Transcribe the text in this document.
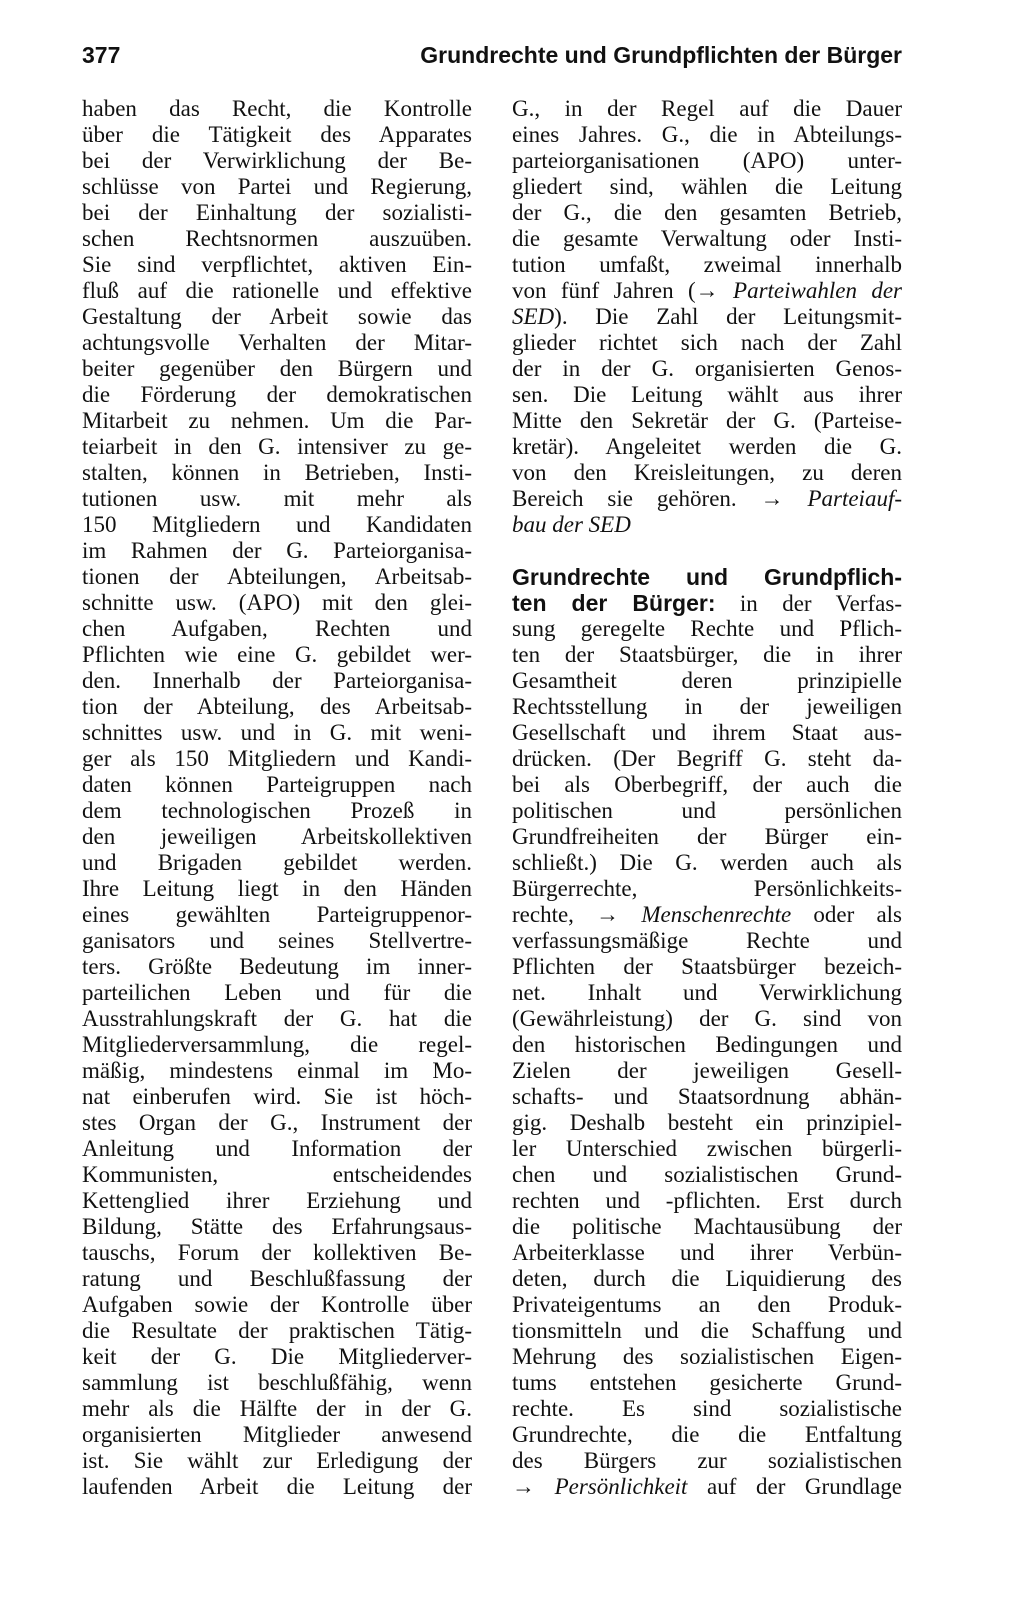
377	Grundrechte und Grundpflichten der Bürger
haben das Recht, die Kontrolle
über die Tätigkeit des Apparates
bei der Verwirklichung der Be-
schlüsse von Partei und Regierung,
bei der Einhaltung der sozialisti-
schen Rechtsnormen auszuüben.
Sie sind verpflichtet, aktiven Ein-
fluß auf die rationelle und effektive
Gestaltung der Arbeit sowie das
achtungsvolle Verhalten der Mitar-
beiter gegenüber den Bürgern und
die Förderung der demokratischen
Mitarbeit zu nehmen. Um die Par-
teiarbeit in den G. intensiver zu ge-
stalten, können in Betrieben, Insti-
tutionen usw. mit mehr als
150 Mitgliedern und Kandidaten
im Rahmen der G. Parteiorganisa-
tionen der Abteilungen, Arbeitsab-
schnitte usw. (APO) mit den glei-
chen Aufgaben, Rechten und
Pflichten wie eine G. gebildet wer-
den. Innerhalb der Parteiorganisa-
tion der Abteilung, des Arbeitsab-
schnittes usw. und in G. mit weni-
ger als 150 Mitgliedern und Kandi-
daten können Parteigruppen nach
dem technologischen Prozeß in
den jeweiligen Arbeitskollektiven
und Brigaden gebildet werden.
Ihre Leitung liegt in den Händen
eines gewählten Parteigruppenor-
ganisators und seines Stellvertre-
ters. Größte Bedeutung im inner-
parteilichen Leben und für die
Ausstrahlungskraft der G. hat die
Mitgliederversammlung, die regel-
mäßig, mindestens einmal im Mo-
nat einberufen wird. Sie ist höch-
stes Organ der G., Instrument der
Anleitung und Information der
Kommunisten, entscheidendes
Kettenglied ihrer Erziehung und
Bildung, Stätte des Erfahrungsaus-
tauschs, Forum der kollektiven Be-
ratung und Beschlußfassung der
Aufgaben sowie der Kontrolle über
die Resultate der praktischen Tätig-
keit der G. Die Mitgliederver-
sammlung ist beschlußfähig, wenn
mehr als die Hälfte der in der G.
organisierten Mitglieder anwesend
ist. Sie wählt zur Erledigung der
laufenden Arbeit die Leitung der
G., in der Regel auf die Dauer
eines Jahres. G., die in Abteilungs-
parteiorganisationen (APO) unter-
gliedert sind, wählen die Leitung
der G., die den gesamten Betrieb,
die gesamte Verwaltung oder Insti-
tution umfaßt, zweimal innerhalb
von fünf Jahren (→ Parteiwahlen der
SED). Die Zahl der Leitungsmit-
glieder richtet sich nach der Zahl
der in der G. organisierten Genos-
sen. Die Leitung wählt aus ihrer
Mitte den Sekretär der G. (Parteise-
kretär). Angeleitet werden die G.
von den Kreisleitungen, zu deren
Bereich sie gehören. → Parteiauf-
bau der SED
Grundrechte und Grundpflich-
ten der Bürger: in der Verfas-
sung geregelte Rechte und Pflich-
ten der Staatsbürger, die in ihrer
Gesamtheit deren prinzipielle
Rechtsstellung in der jeweiligen
Gesellschaft und ihrem Staat aus-
drücken. (Der Begriff G. steht da-
bei als Oberbegriff, der auch die
politischen und persönlichen
Grundfreiheiten der Bürger ein-
schließt.) Die G. werden auch als
Bürgerrechte, Persönlichkeits-
rechte, → Menschenrechte oder als
verfassungsmäßige Rechte und
Pflichten der Staatsbürger bezeich-
net. Inhalt und Verwirklichung
(Gewährleistung) der G. sind von
den historischen Bedingungen und
Zielen der jeweiligen Gesell-
schafts- und Staatsordnung abhän-
gig. Deshalb besteht ein prinzipiel-
ler Unterschied zwischen bürgerli-
chen und sozialistischen Grund-
rechten und -pflichten. Erst durch
die politische Machtausübung der
Arbeiterklasse und ihrer Verbün-
deten, durch die Liquidierung des
Privateigentums an den Produk-
tionsmitteln und die Schaffung und
Mehrung des sozialistischen Eigen-
tums entstehen gesicherte Grund-
rechte. Es sind sozialistische
Grundrechte, die die Entfaltung
des Bürgers zur sozialistischen
→ Persönlichkeit auf der Grundlage
